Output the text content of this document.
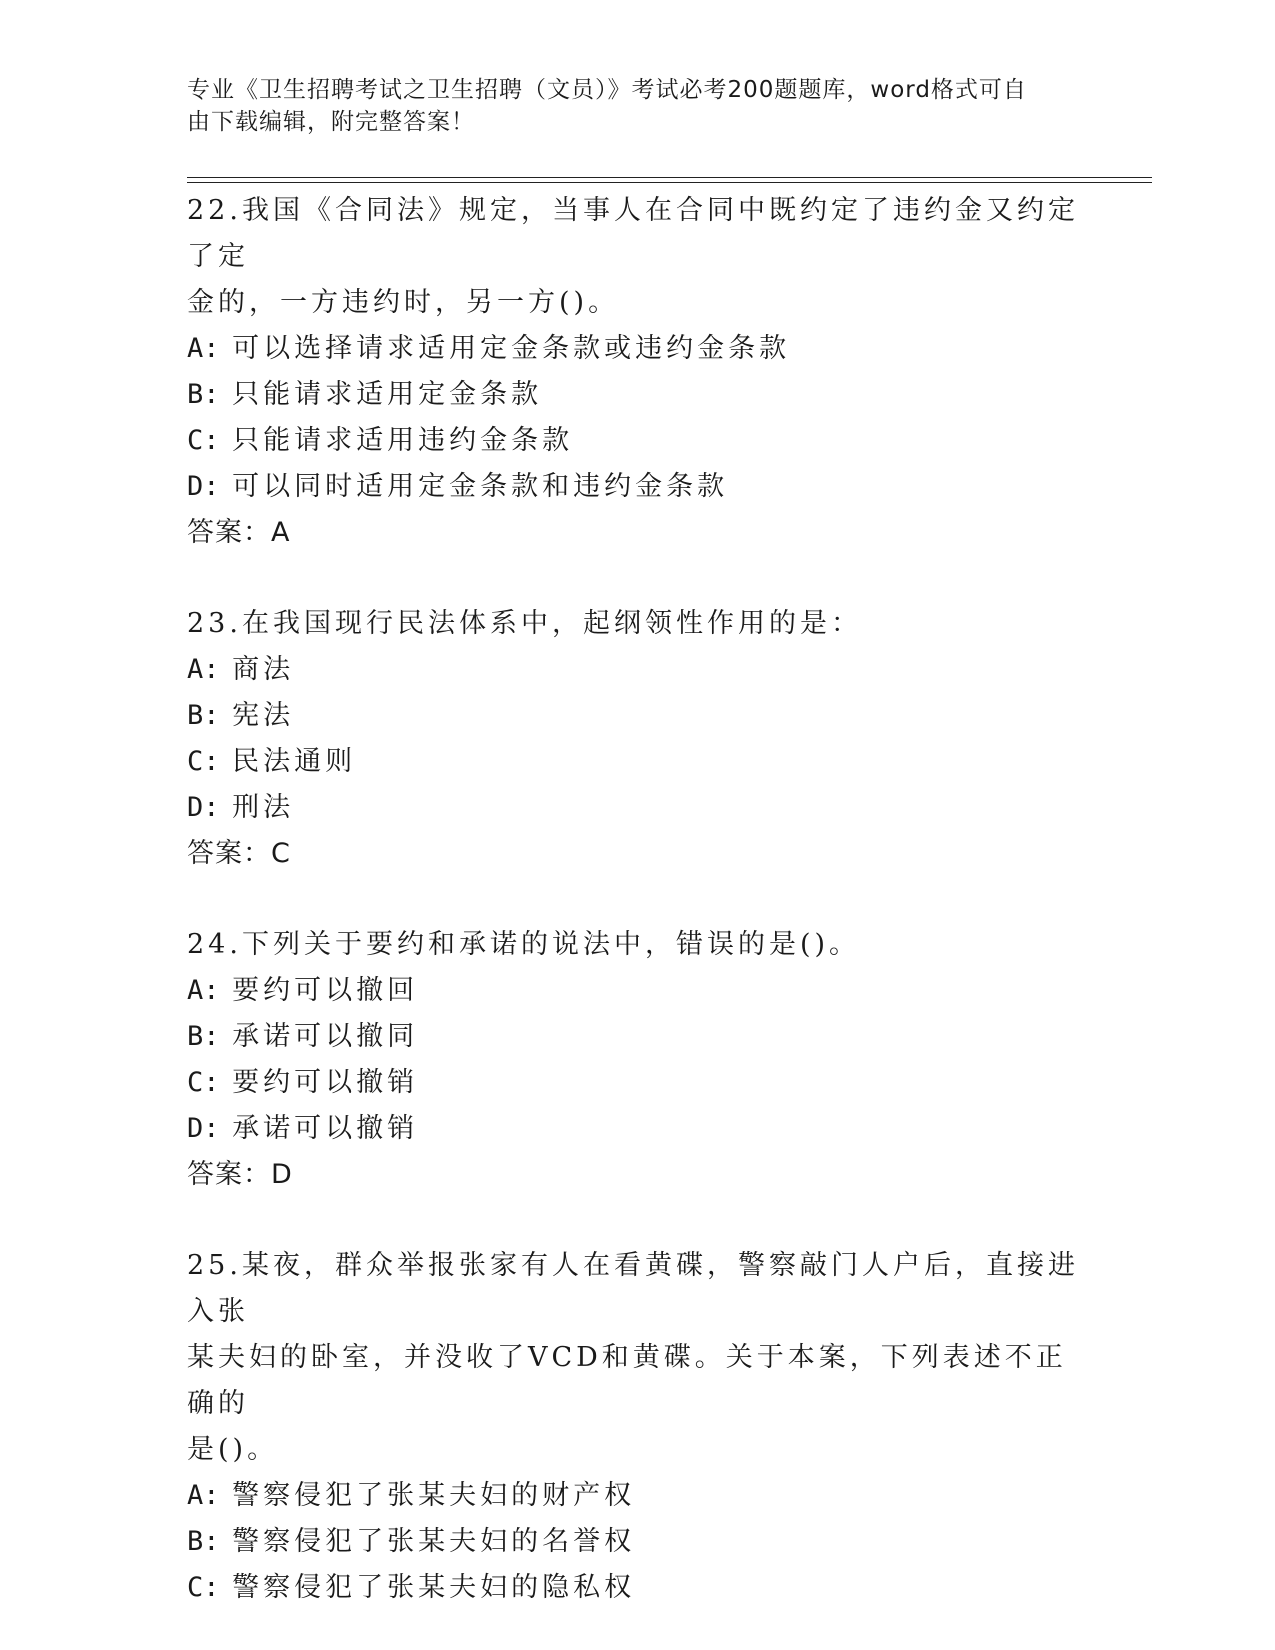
专业《卫生招聘考试之卫生招聘（文员）》考试必考200题题库，word格式可自
由下载编辑，附完整答案！

22.我国《合同法》规定，当事人在合同中既约定了违约金又约定了定

金的，一方违约时，另一方()。

A: 可以选择请求适用定金条款或违约金条款

B: 只能请求适用定金条款

C: 只能请求适用违约金条款

D: 可以同时适用定金条款和违约金条款

答案：A

23.在我国现行民法体系中，起纲领性作用的是：

A: 商法

B: 宪法

C: 民法通则

D: 刑法

答案：C

24.下列关于要约和承诺的说法中，错误的是()。

A: 要约可以撤回

B: 承诺可以撤同

C: 要约可以撤销

D: 承诺可以撤销

答案：D

25.某夜，群众举报张家有人在看黄碟，警察敲门人户后，直接进入张

某夫妇的卧室，并没收了VCD和黄碟。关于本案，下列表述不正确的

是()。

A: 警察侵犯了张某夫妇的财产权

B: 警察侵犯了张某夫妇的名誉权

C: 警察侵犯了张某夫妇的隐私权
